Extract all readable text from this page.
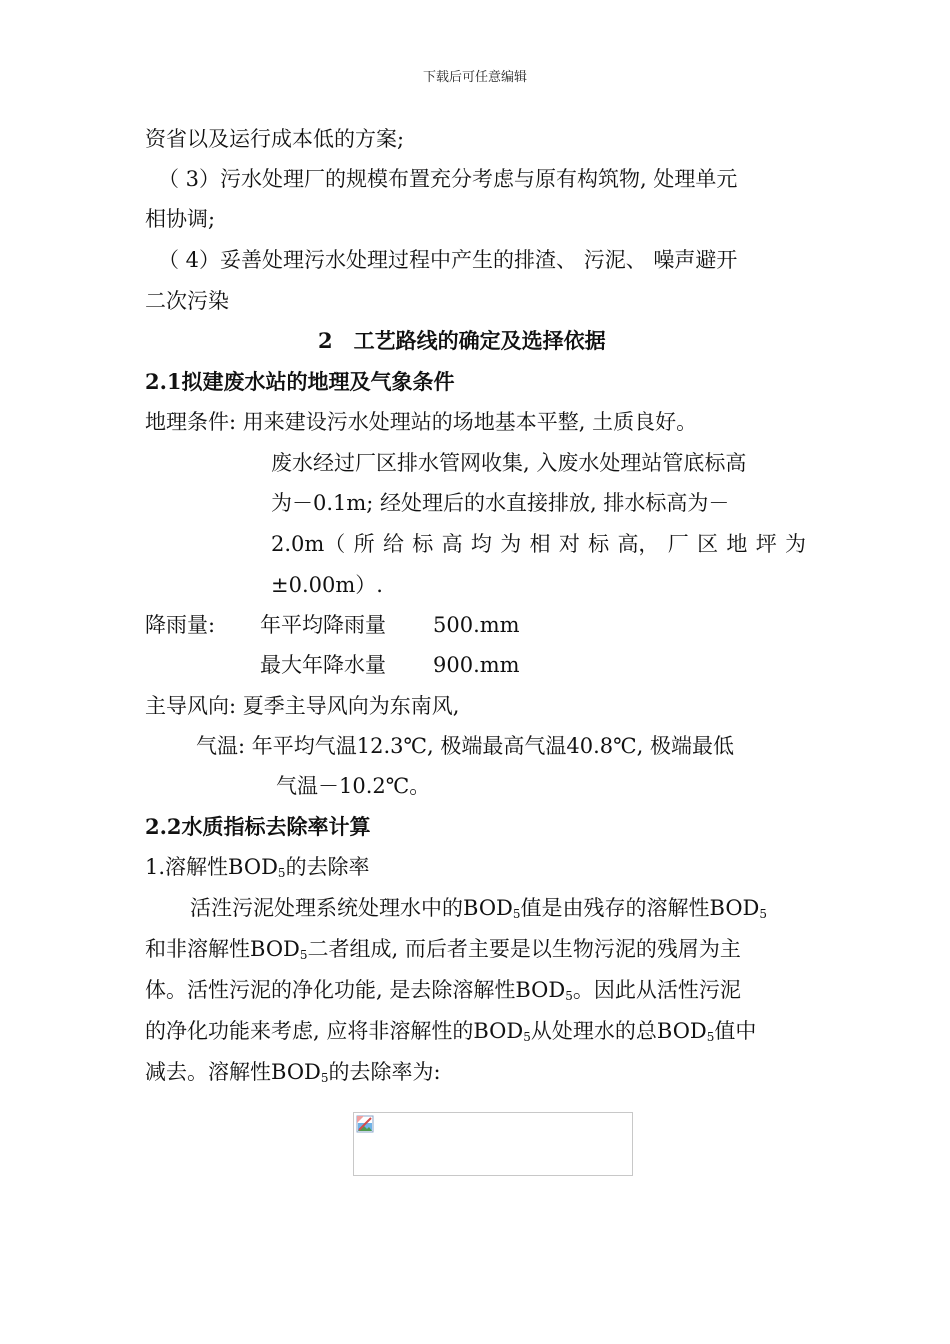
下载后可任意编辑
资省以及运行成本低的方案;
（ 3）污水处理厂的规模布置充分考虑与原有构筑物, 处理单元
相协调;
（ 4）妥善处理污水处理过程中产生的排渣、 污泥、 噪声避开
二次污染
2　工艺路线的确定及选择依据
2.1拟建废水站的地理及气象条件
地理条件: 用来建设污水处理站的场地基本平整, 土质良好。
废水经过厂区排水管网收集, 入废水处理站管底标高
为－0.1m; 经处理后的水直接排放, 排水标高为－
2.0m（ 所 给 标 高 均 为 相 对 标 高， 厂 区 地 坪 为
±0.00m）.
降雨量: 年平均降雨量 500.mm
最大年降水量 900.mm
主导风向: 夏季主导风向为东南风,
气温: 年平均气温12.3℃, 极端最高气温40.8℃, 极端最低
气温－10.2℃。
2.2水质指标去除率计算
1.溶解性$BOD_5$的去除率
活泩污泥处理系统处理水中的$BOD_5$值是由残存的溶解性$BOD_5$
和非溶解性$BOD_5$二者组成, 而后者主要是以生物污泥的残屑为主
体。活性污泥的净化功能, 是去除溶解性$BOD_5$。因此从活性污泥
的净化功能来考虑, 应将非溶解性的$BOD_5$从处理水的总$BOD_5$值中
减去。溶解性$BOD_5$的去除率为:
